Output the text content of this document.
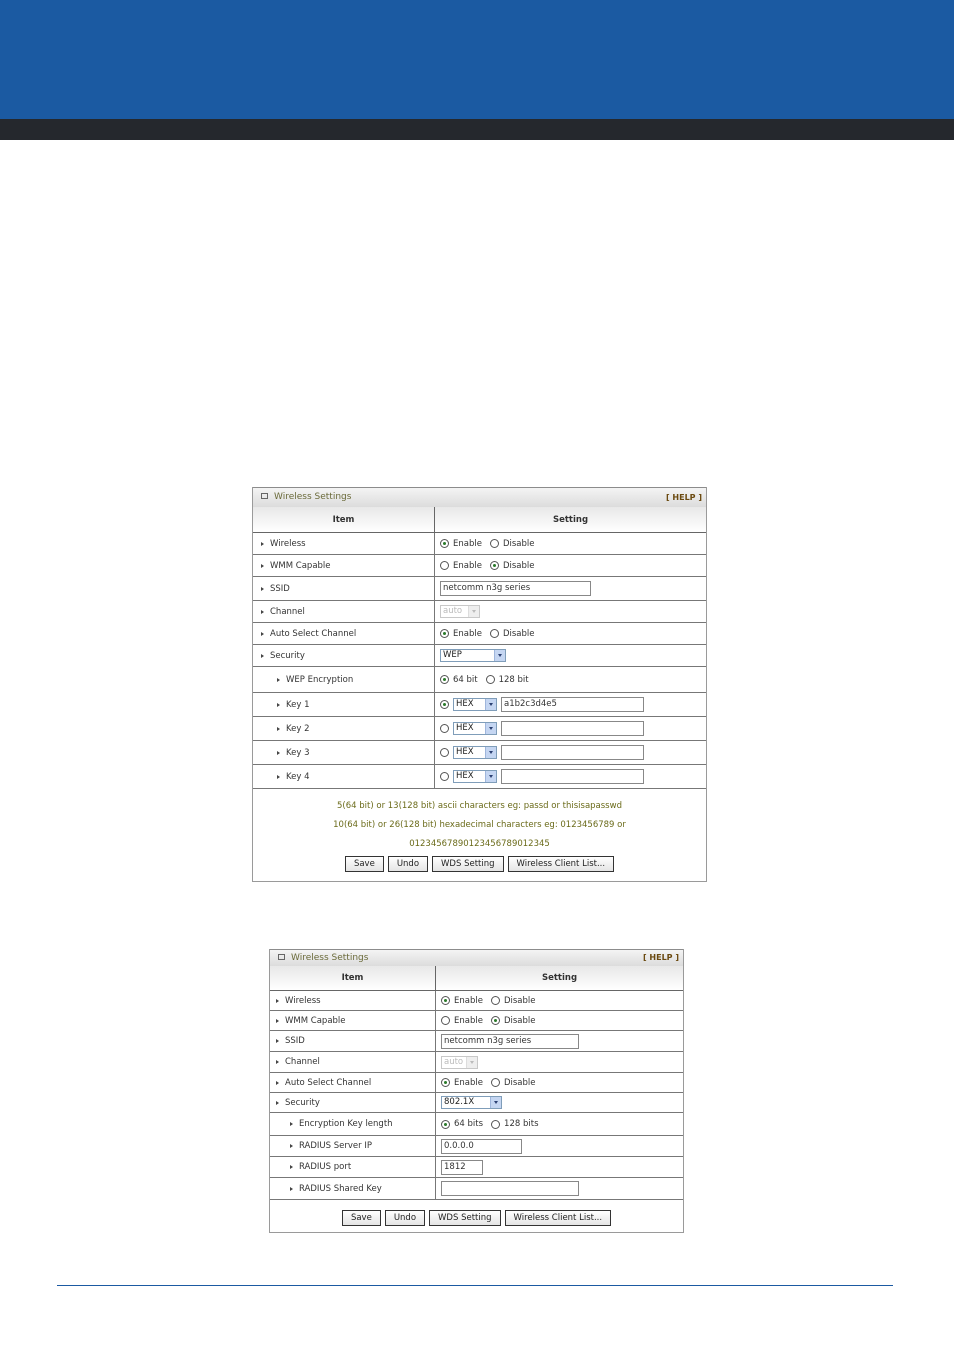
Wireless Settings	[ HELP ]
Item	Setting
Wireless	Enable Disable
WMM Capable	Enable Disable
SSID	netcomm n3g series
Channel	auto
Auto Select Channel	Enable Disable
Security	WEP
WEP Encryption	64 bit 128 bit
Key 1	HEX	a1b2c3d4e5
Key 2	HEX
Key 3	HEX
Key 4	HEX
5(64 bit) or 13(128 bit) ascii characters eg: passd or thisisapasswd
10(64 bit) or 26(128 bit) hexadecimal characters eg: 0123456789 or
01234567890123456789012345
Save	Undo	WDS Setting	Wireless Client List...
Wireless Settings	[ HELP ]
Item	Setting
Wireless	Enable Disable
WMM Capable	Enable Disable
SSID	netcomm n3g series
Channel	auto
Auto Select Channel	Enable Disable
Security	802.1X
Encryption Key length	64 bits 128 bits
RADIUS Server IP	0.0.0.0
RADIUS port	1812
RADIUS Shared Key
Save	Undo	WDS Setting	Wireless Client List...
